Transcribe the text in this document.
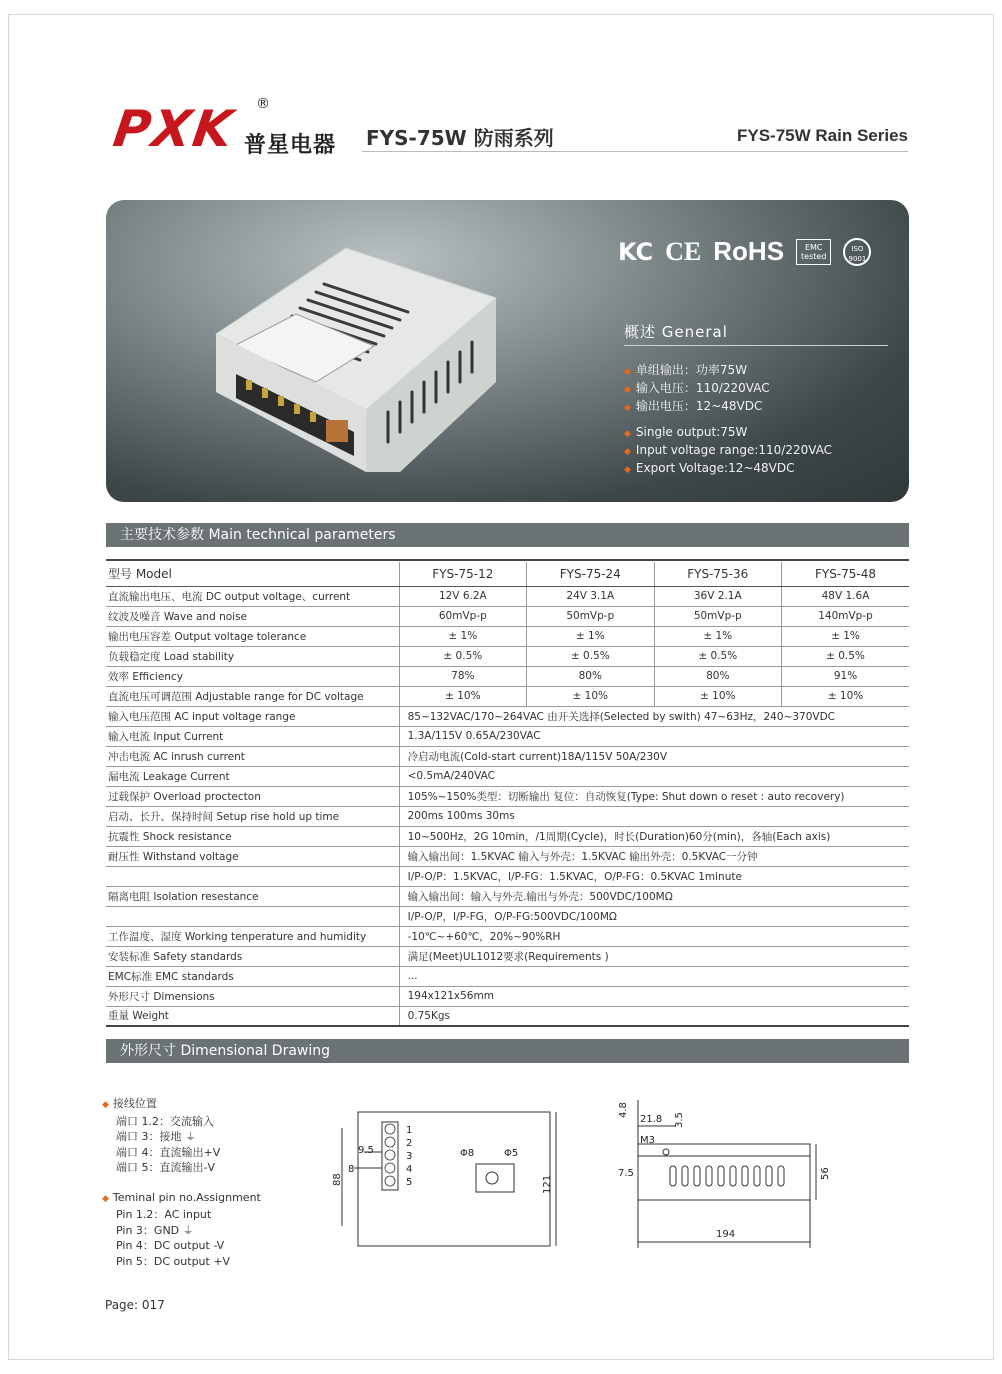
PXK ®
普星电器 FYS-75W 防雨系列	FYS-75W Rain Series
KC CE RoHS	EMC
tested
ISO
9001
概述 General
◆ 单组输出：功率75W
◆ 输入电压：110/220VAC
◆ 输出电压：12~48VDC
◆ Single output:75W
◆ Input voltage range:110/220VAC
◆ Export Voltage:12~48VDC
主要技术参数 Main technical parameters
型号 Model	FYS-75-12	FYS-75-24	FYS-75-36	FYS-75-48
直流输出电压、电流 DC output voltage、current	12V 6.2A	24V 3.1A	36V 2.1A	48V 1.6A
纹波及噪音 Wave and noise	60mVp-p	50mVp-p	50mVp-p	140mVp-p
输出电压容差 Output voltage tolerance	± 1%	± 1%	± 1%	± 1%
负载稳定度 Load stability	± 0.5%	± 0.5%	± 0.5%	± 0.5%
效率 Efficiency	78%	80%	80%	91%
直流电压可调范围 Adjustable range for DC voltage	± 10%	± 10%	± 10%	± 10%
输入电压范围 AC input voltage range	85~132VAC/170~264VAC 由开关选择(Selected by swith) 47~63Hz，240~370VDC			
输入电流 Input Current	1.3A/115V 0.65A/230VAC			
冲击电流 AC inrush current	冷启动电流(Cold-start current)18A/115V 50A/230V			
漏电流 Leakage Current	<0.5mA/240VAC			
过载保护 Overload proctecton	105%~150%类型：切断输出 复位：自动恢复(Type: Shut down o reset : auto recovery)			
启动、长升、保持时间 Setup rise hold up time	200ms 100ms 30ms			
抗震性 Shock resistance	10~500Hz，2G 10min，/1周期(Cycle)，时长(Duration)60分(min)，各轴(Each axis)			
耐压性 Withstand voltage	输入输出间：1.5KVAC 输入与外壳：1.5KVAC 输出外壳：0.5KVAC一分钟			
	I/P-O/P：1.5KVAC，I/P-FG：1.5KVAC，O/P-FG：0.5KVAC 1minute			
隔离电阻 Isolation resestance	输入输出间：输入与外壳.输出与外壳：500VDC/100MΩ			
	I/P-O/P，I/P-FG，O/P-FG:500VDC/100MΩ			
工作温度、湿度 Working tenperature and humidity	-10℃~+60℃，20%~90%RH			
安装标准 Safety standards	满足(Meet)UL1012要求(Requirements )			
EMC标准 EMC standards	...			
外形尺寸 Dimensions	194x121x56mm			
重量 Weight	0.75Kgs			
外形尺寸 Dimensional Drawing
◆ 接线位置
端口 1.2：交流输入
端口 3：接地 ⏚
端口 4：直流输出+V
端口 5：直流输出-V
◆ Teminal pin no.Assignment
Pin 1.2：AC input
Pin 3：GND ⏚
Pin 4：DC output -V
Pin 5：DC output +V
1
2
3
4
5
9.5
8
Φ8	Φ5
88	121
4.8
21.8 3.5
M3
7.5	56
194
Page: 017
